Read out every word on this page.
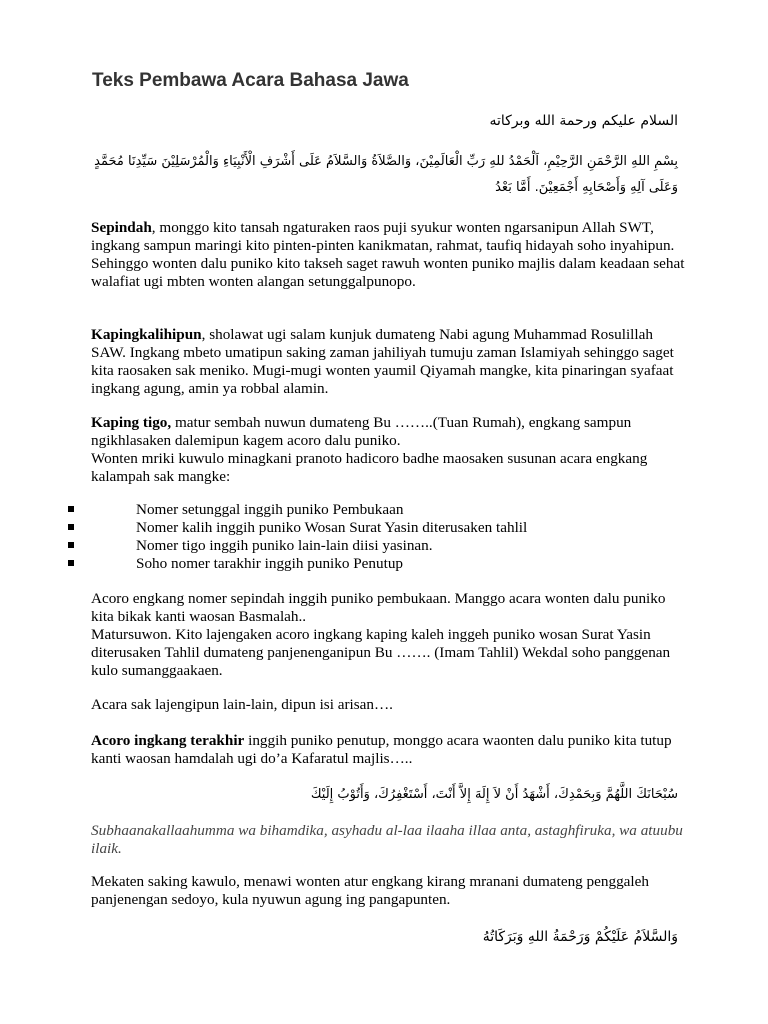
Teks Pembawa Acara Bahasa Jawa

السلام عليكم ورحمة الله وبركاته

بِسْمِ اللهِ الرَّحْمَنِ الرَّحِيْمِ، اَلْحَمْدُ للهِ رَبِّ الْعَالَمِيْنَ، وَالصَّلاَةُ وَالسَّلاَمُ عَلَى أَشْرَفِ الْأَنْبِيَاءِ وَالْمُرْسَلِيْنَ سَيِّدِنَا مُحَمَّدٍ

وَعَلَى آلِهِ وَأَصْحَابِهِ أَجْمَعِيْنَ. أَمَّا بَعْدُ

Sepindah, monggo kito tansah ngaturaken raos puji syukur wonten ngarsanipun Allah SWT, ingkang sampun maringi kito pinten-pinten kanikmatan, rahmat, taufiq hidayah soho inyahipun. Sehinggo wonten dalu puniko kito takseh saget rawuh wonten puniko majlis dalam keadaan sehat walafiat ugi mbten wonten alangan setunggalpunopo.

Kapingkalihipun, sholawat ugi salam kunjuk dumateng Nabi agung Muhammad Rosulillah SAW. Ingkang mbeto umatipun saking zaman jahiliyah tumuju zaman Islamiyah sehinggo saget kita raosaken sak meniko. Mugi-mugi wonten yaumil Qiyamah mangke, kita pinaringan syafaat ingkang agung, amin ya robbal alamin.

Kaping tigo, matur sembah nuwun dumateng Bu ……..(Tuan Rumah), engkang sampun ngikhlasaken dalemipun kagem acoro dalu puniko.
Wonten mriki kuwulo minagkani pranoto hadicoro badhe maosaken susunan acara engkang kalampah sak mangke:

Nomer setunggal inggih puniko Pembukaan
Nomer kalih inggih puniko Wosan Surat Yasin diterusaken tahlil
Nomer tigo inggih puniko lain-lain diisi yasinan.
Soho nomer tarakhir inggih puniko Penutup

Acoro engkang nomer sepindah inggih puniko pembukaan. Manggo acara wonten dalu puniko kita bikak kanti waosan Basmalah..
Matursuwon. Kito lajengaken acoro ingkang kaping kaleh inggeh puniko wosan Surat Yasin diterusaken Tahlil dumateng panjenenganipun Bu ……. (Imam Tahlil) Wekdal soho panggenan kulo sumanggaakaen.

Acara sak lajengipun lain-lain, dipun isi arisan….

Acoro ingkang terakhir inggih puniko penutup, monggo acara waonten dalu puniko kita tutup kanti waosan hamdalah ugi do’a Kafaratul majlis…..

سُبْحَانَكَ اللَّهُمَّ وَبِحَمْدِكَ، أَشْهَدُ أَنْ لاَ إِلَهَ إِلاَّ أَنْتَ، أَسْتَغْفِرُكَ، وَأَتُوْبُ إِلَيْكَ

Subhaanakallaahumma wa bihamdika, asyhadu al-laa ilaaha illaa anta, astaghfiruka, wa atuubu ilaik.

Mekaten saking kawulo, menawi wonten atur engkang kirang mranani dumateng penggaleh panjenengan sedoyo, kula nyuwun agung ing pangapunten.

وَالسَّلاَمُ عَلَيْكُمْ وَرَحْمَةُ اللهِ وَبَرَكَاتُهُ
